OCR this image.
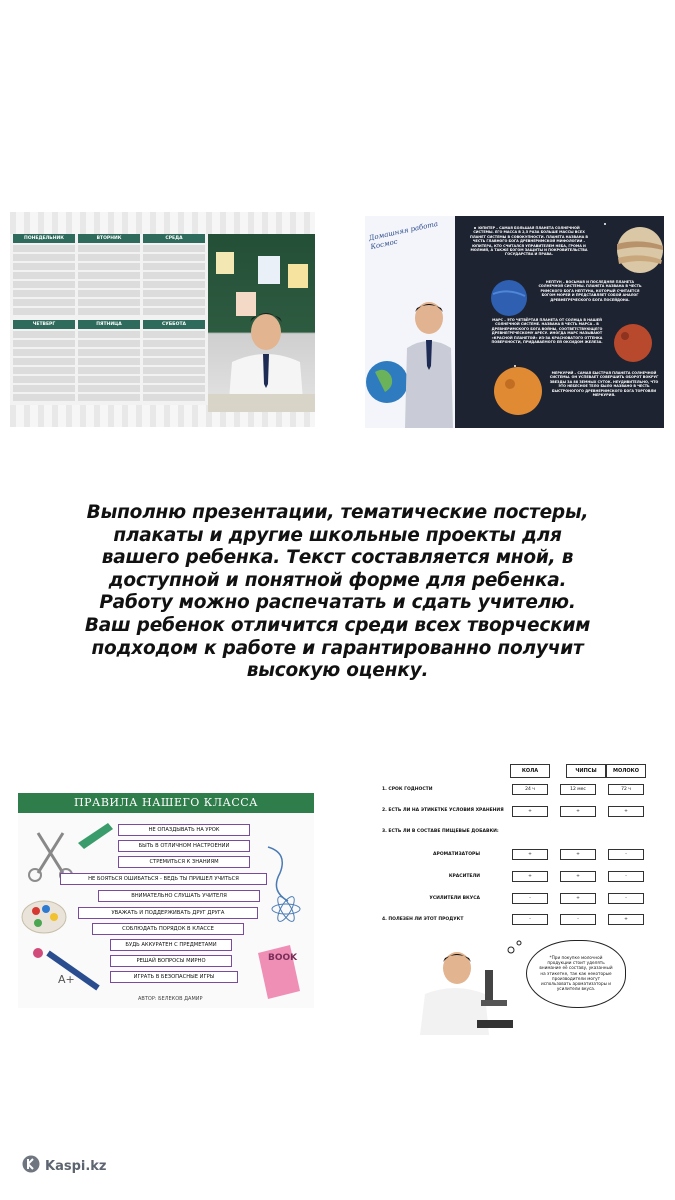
ПОНЕДЕЛЬНИК	ВТОРНИК	СРЕДА
ЧЕТВЕРГ	ПЯТНИЦА	СУББОТА
Домашняя работа Космос
ЮПИТЕР – САМАЯ БОЛЬШАЯ ПЛАНЕТА СОЛНЕЧНОЙ СИСТЕМЫ. ЕГО МАССА В 2,5 РАЗА БОЛЬШЕ МАССЫ ВСЕХ ПЛАНЕТ СИСТЕМЫ В СОВОКУПНОСТИ. ПЛАНЕТА НАЗВАНА В ЧЕСТЬ ГЛАВНОГО БОГА ДРЕВНЕРИМСКОЙ МИФОЛОГИИ – ЮПИТЕРА, КТО СЧИТАЛСЯ УПРАВИТЕЛЕМ НЕБА, ГРОМА И МОЛНИЙ, А ТАКЖЕ БОГОМ ЗАЩИТЫ И ПОКРОВИТЕЛЬСТВА ГОСУДАРСТВА И ПРАВА.
НЕПТУН – ВОСЬМАЯ И ПОСЛЕДНЯЯ ПЛАНЕТА СОЛНЕЧНОЙ СИСТЕМЫ. ПЛАНЕТА НАЗВАНА В ЧЕСТЬ РИМСКОГО БОГА НЕПТУНА, КОТОРЫЙ СЧИТАЕТСЯ БОГОМ МОРЕЙ И ПРЕДСТАВЛЯЕТ СОБОЙ АНАЛОГ ДРЕВНЕГРЕЧЕСКОГО БОГА ПОСЕЙДОНА.
МАРС – ЭТО ЧЕТВЁРТАЯ ПЛАНЕТА ОТ СОЛНЦА В НАШЕЙ СОЛНЕЧНОЙ СИСТЕМЕ. НАЗВАНА В ЧЕСТЬ МАРСА – В ДРЕВНЕРИМСКОГО БОГА ВОЙНЫ, СООТВЕТСТВУЮЩЕГО ДРЕВНЕГРЕЧЕСКОМУ АРЕСУ. ИНОГДА МАРС НАЗЫВАЮТ «КРАСНОЙ ПЛАНЕТОЙ» ИЗ-ЗА КРАСНОВАТОГО ОТТЕНКА ПОВЕРХНОСТИ, ПРИДАВАЕМОГО ЕЙ ОКСИДОМ ЖЕЛЕЗА.
МЕРКУРИЙ – САМАЯ БЫСТРАЯ ПЛАНЕТА СОЛНЕЧНОЙ СИСТЕМЫ. ОН УСПЕВАЕТ СОВЕРШИТЬ ОБОРОТ ВОКРУГ ЗВЕЗДЫ ЗА 88 ЗЕМНЫХ СУТОК. НЕУДИВИТЕЛЬНО, ЧТО ЭТО НЕБЕСНОЕ ТЕЛО БЫЛО НАЗВАНО В ЧЕСТЬ БЫСТРОНОГОГО ДРЕВНЕРИМСКОГО БОГА ТОРГОВЛИ МЕРКУРИЯ.
Выполню презентации, тематические постеры, плакаты и другие школьные проекты для вашего ребенка. Текст составляется мной, в доступной и понятной форме для ребенка. Работу можно распечатать и сдать учителю. Ваш ребенок отличится среди всех творческим подходом к работе и гарантированно получит высокую оценку.
ПРАВИЛА НАШЕГО КЛАССА
BOOK
A+
НЕ ОПАЗДЫВАТЬ НА УРОК
БЫТЬ В ОТЛИЧНОМ НАСТРОЕНИИ
СТРЕМИТЬСЯ К ЗНАНИЯМ
НЕ БОЯТЬСЯ ОШИБАТЬСЯ - ВЕДЬ ТЫ ПРИШЕЛ УЧИТЬСЯ
ВНИМАТЕЛЬНО СЛУШАТЬ УЧИТЕЛЯ
УВАЖАТЬ И ПОДДЕРЖИВАТЬ ДРУГ ДРУГА
СОБЛЮДАТЬ ПОРЯДОК В КЛАССЕ
БУДЬ АККУРАТЕН С ПРЕДМЕТАМИ
РЕШАЙ ВОПРОСЫ МИРНО
ИГРАТЬ В БЕЗОПАСНЫЕ ИГРЫ
АВТОР: БЕЛЕКОВ ДАМИР
КОЛА	ЧИПСЫ	МОЛОКО
1. СРОК ГОДНОСТИ	24 ч	12 мес	72 ч
2. ЕСТЬ ЛИ НА ЭТИКЕТКЕ УСЛОВИЯ ХРАНЕНИЯ	+	+	+
3. ЕСТЬ ЛИ В СОСТАВЕ ПИЩЕВЫЕ ДОБАВКИ:
АРОМАТИЗАТОРЫ	+	+	-
КРАСИТЕЛИ	+	+	-
УСИЛИТЕЛИ ВКУСА	-	+	-
4. ПОЛЕЗЕН ЛИ ЭТОТ ПРОДУКТ	-	-	+
*При покупке молочной продукции стоит уделять внимание её составу, указанный на этикетке, так как некоторые производители могут использовать ароматизаторы и усилители вкуса.
Kaspi.kz
